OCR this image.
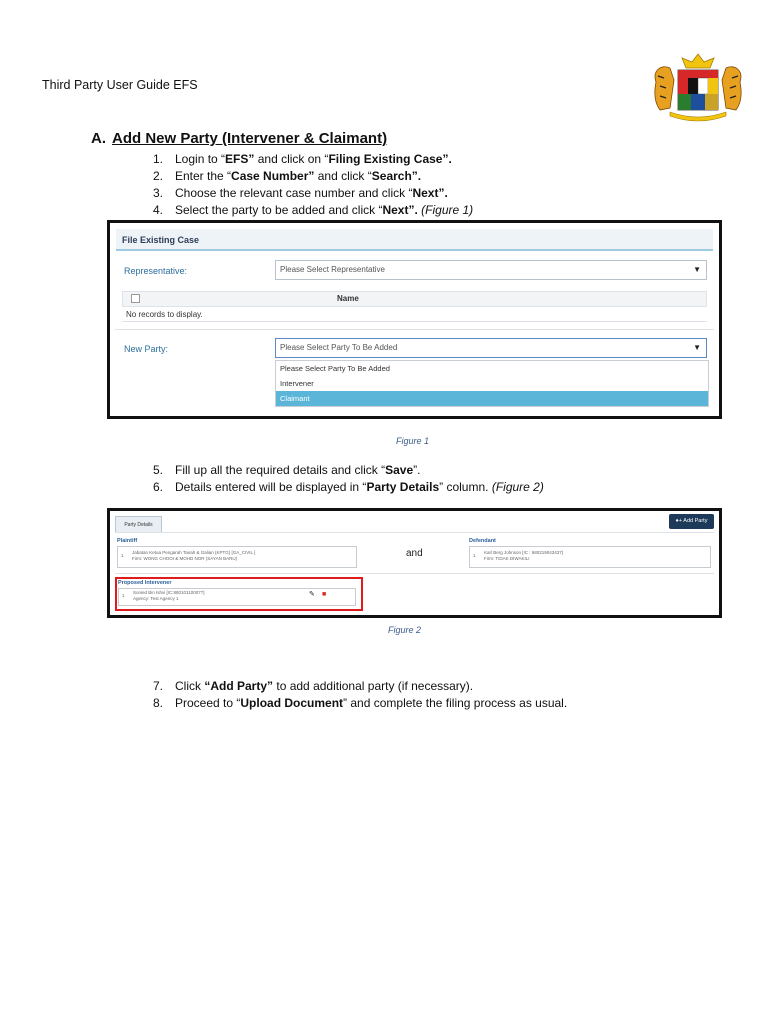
Third Party User Guide EFS
A. Add New Party (Intervener & Claimant)
1. Login to “EFS” and click on “Filing Existing Case”.
2. Enter the “Case Number” and click “Search”.
3. Choose the relevant case number and click “Next”.
4. Select the party to be added and click “Next”. (Figure 1)
File Existing Case
Representative:	Please Select Representative	▼
Name
No records to display.
New Party:	Please Select Party To Be Added	▼
Please Select Party To Be Added
Intervener
Claimant
Figure 1
5. Fill up all the required details and click “Save”.
6. Details entered will be displayed in “Party Details” column. (Figure 2)
Party Details
●+ Add Party
Plaintiff
1
Jabatan Ketua Pengarah Tanah & Galian (KPTG) [GA_CIVIL ]
Firm: WONG CHOOI & MOHD NOR (SAYAN BARU)	and
Defendant
1
Karl Berg Johnson [IC : 680219043437]
Firm: TIDAK DIWAKILI
Proposed Intervener
1
Sonied Bin Ishvi [IC:880101100077]
Agency: Test Agency 1
✎ ■
Figure 2
7. Click “Add Party” to add additional party (if necessary).
8. Proceed to “Upload Document” and complete the filing process as usual.
